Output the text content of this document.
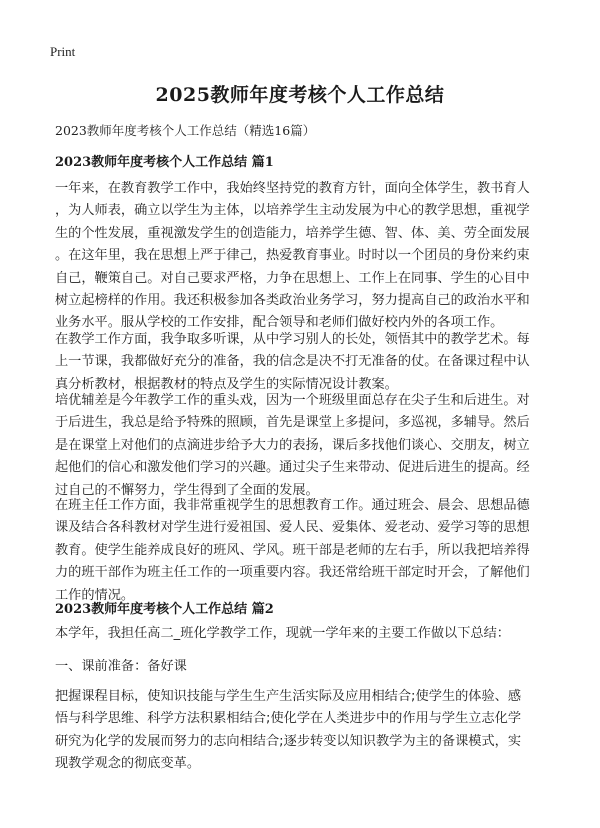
Print
2025教师年度考核个人工作总结
2023教师年度考核个人工作总结（精选16篇）
2023教师年度考核个人工作总结 篇1

一年来，在教育教学工作中，我始终坚持党的教育方针，面向全体学生，教书育人
，为人师表，确立以学生为主体，以培养学生主动发展为中心的教学思想，重视学
生的个性发展，重视激发学生的创造能力，培养学生德、智、体、美、劳全面发展
。在这年里，我在思想上严于律己，热爱教育事业。时时以一个团员的身份来约束
自己，鞭策自己。对自己要求严格，力争在思想上、工作上在同事、学生的心目中
树立起榜样的作用。我还积极参加各类政治业务学习，努力提高自己的政治水平和
业务水平。服从学校的工作安排，配合领导和老师们做好校内外的各项工作。

在教学工作方面，我争取多听课，从中学习别人的长处，领悟其中的教学艺术。每
上一节课，我都做好充分的准备，我的信念是决不打无准备的仗。在备课过程中认
真分析教材，根据教材的特点及学生的实际情况设计教案。

培优辅差是今年教学工作的重头戏，因为一个班级里面总存在尖子生和后进生。对
于后进生，我总是给予特殊的照顾，首先是课堂上多提问，多巡视，多辅导。然后
是在课堂上对他们的点滴进步给予大力的表扬，课后多找他们谈心、交朋友，树立
起他们的信心和激发他们学习的兴趣。通过尖子生来带动、促进后进生的提高。经
过自己的不懈努力，学生得到了全面的发展。

在班主任工作方面，我非常重视学生的思想教育工作。通过班会、晨会、思想品德
课及结合各科教材对学生进行爱祖国、爱人民、爱集体、爱老动、爱学习等的思想
教育。使学生能养成良好的班风、学风。班干部是老师的左右手，所以我把培养得
力的班干部作为班主任工作的一项重要内容。我还常给班干部定时开会，了解他们
工作的情况。

2023教师年度考核个人工作总结 篇2

本学年，我担任高二_班化学教学工作，现就一学年来的主要工作做以下总结：

一、课前准备：备好课

把握课程目标，使知识技能与学生生产生活实际及应用相结合;使学生的体验、感
悟与科学思维、科学方法积累相结合;使化学在人类进步中的作用与学生立志化学
研究为化学的发展而努力的志向相结合;逐步转变以知识教学为主的备课模式，实
现教学观念的彻底变革。
